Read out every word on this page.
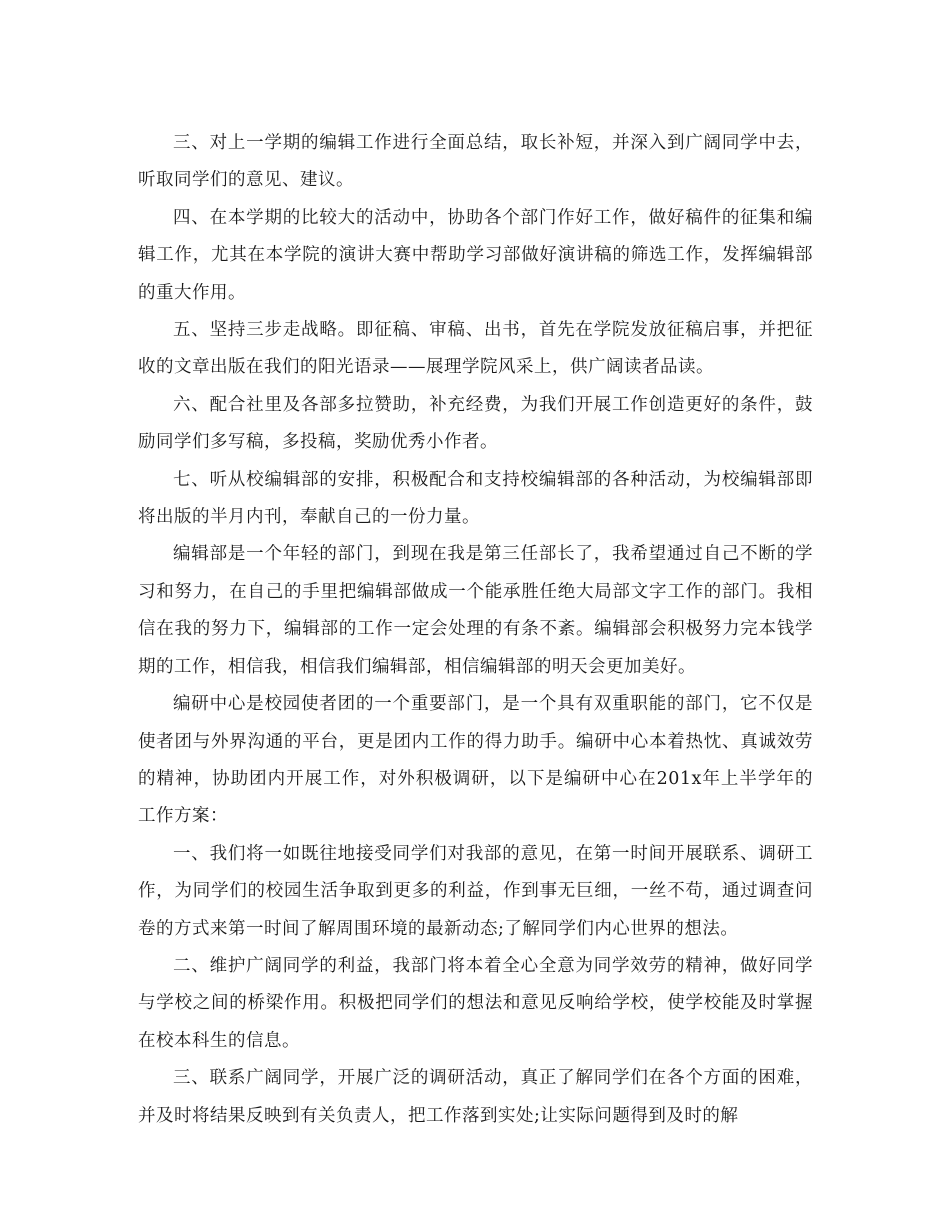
三、对上一学期的编辑工作进行全面总结，取长补短，并深入到广阔同学中去，听取同学们的意见、建议。

四、在本学期的比较大的活动中，协助各个部门作好工作，做好稿件的征集和编辑工作，尤其在本学院的演讲大赛中帮助学习部做好演讲稿的筛选工作，发挥编辑部的重大作用。

五、坚持三步走战略。即征稿、审稿、出书，首先在学院发放征稿启事，并把征收的文章出版在我们的阳光语录——展理学院风采上，供广阔读者品读。

六、配合社里及各部多拉赞助，补充经费，为我们开展工作创造更好的条件，鼓励同学们多写稿，多投稿，奖励优秀小作者。

七、听从校编辑部的安排，积极配合和支持校编辑部的各种活动，为校编辑部即将出版的半月内刊，奉献自己的一份力量。

编辑部是一个年轻的部门，到现在我是第三任部长了，我希望通过自己不断的学习和努力，在自己的手里把编辑部做成一个能承胜任绝大局部文字工作的部门。我相信在我的努力下，编辑部的工作一定会处理的有条不紊。编辑部会积极努力完本钱学期的工作，相信我，相信我们编辑部，相信编辑部的明天会更加美好。

编研中心是校园使者团的一个重要部门，是一个具有双重职能的部门，它不仅是使者团与外界沟通的平台，更是团内工作的得力助手。编研中心本着热忱、真诚效劳的精神，协助团内开展工作，对外积极调研，以下是编研中心在201x年上半学年的工作方案：

一、我们将一如既往地接受同学们对我部的意见，在第一时间开展联系、调研工作，为同学们的校园生活争取到更多的利益，作到事无巨细，一丝不苟，通过调查问卷的方式来第一时间了解周围环境的最新动态;了解同学们内心世界的想法。

二、维护广阔同学的利益，我部门将本着全心全意为同学效劳的精神，做好同学与学校之间的桥梁作用。积极把同学们的想法和意见反响给学校，使学校能及时掌握在校本科生的信息。

三、联系广阔同学，开展广泛的调研活动，真正了解同学们在各个方面的困难，并及时将结果反映到有关负责人，把工作落到实处;让实际问题得到及时的解
